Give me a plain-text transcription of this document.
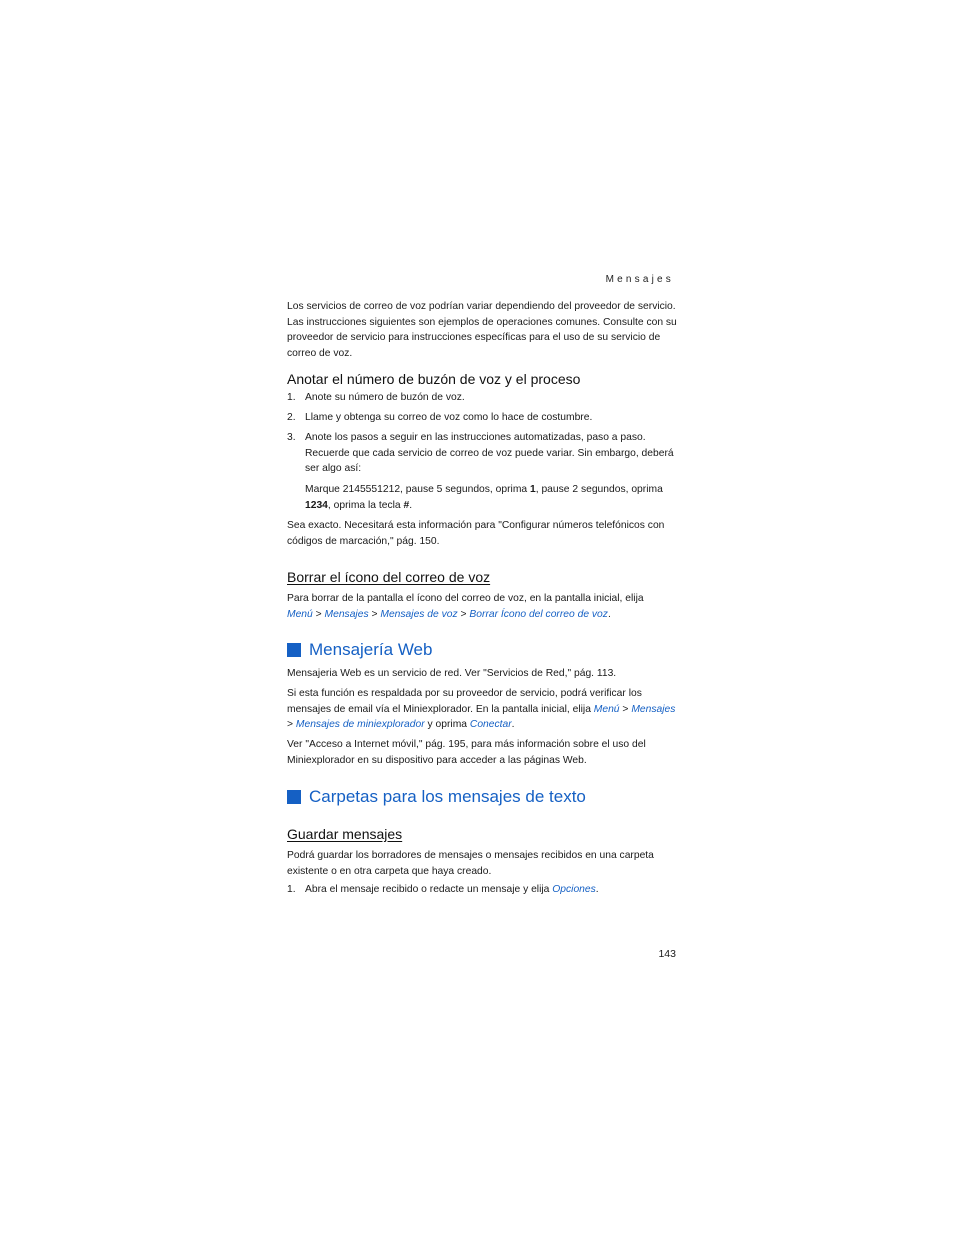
Mensajes

Los servicios de correo de voz podrían variar dependiendo del proveedor de servicio. Las instrucciones siguientes son ejemplos de operaciones comunes. Consulte con su proveedor de servicio para instrucciones específicas para el uso de su servicio de correo de voz.

Anotar el número de buzón de voz y el proceso
1. Anote su número de buzón de voz.
2. Llame y obtenga su correo de voz como lo hace de costumbre.
3. Anote los pasos a seguir en las instrucciones automatizadas, paso a paso. Recuerde que cada servicio de correo de voz puede variar. Sin embargo, deberá ser algo así:

Marque 2145551212, pause 5 segundos, oprima 1, pause 2 segundos, oprima 1234, oprima la tecla #.

Sea exacto. Necesitará esta información para "Configurar números telefónicos con códigos de marcación," pág. 150.

Borrar el ícono del correo de voz

Para borrar de la pantalla el ícono del correo de voz, en la pantalla inicial, elija
Menú > Mensajes > Mensajes de voz > Borrar Ícono del correo de voz.

Mensajería Web

Mensajeria Web es un servicio de red. Ver "Servicios de Red," pág. 113.

Si esta función es respaldada por su proveedor de servicio, podrá verificar los mensajes de email vía el Miniexplorador. En la pantalla inicial, elija Menú > Mensajes > Mensajes de miniexplorador y oprima Conectar.

Ver "Acceso a Internet móvil," pág. 195, para más información sobre el uso del Miniexplorador en su dispositivo para acceder a las páginas Web.

Carpetas para los mensajes de texto
Guardar mensajes

Podrá guardar los borradores de mensajes o mensajes recibidos en una carpeta existente o en otra carpeta que haya creado.

1. Abra el mensaje recibido o redacte un mensaje y elija Opciones.
143
